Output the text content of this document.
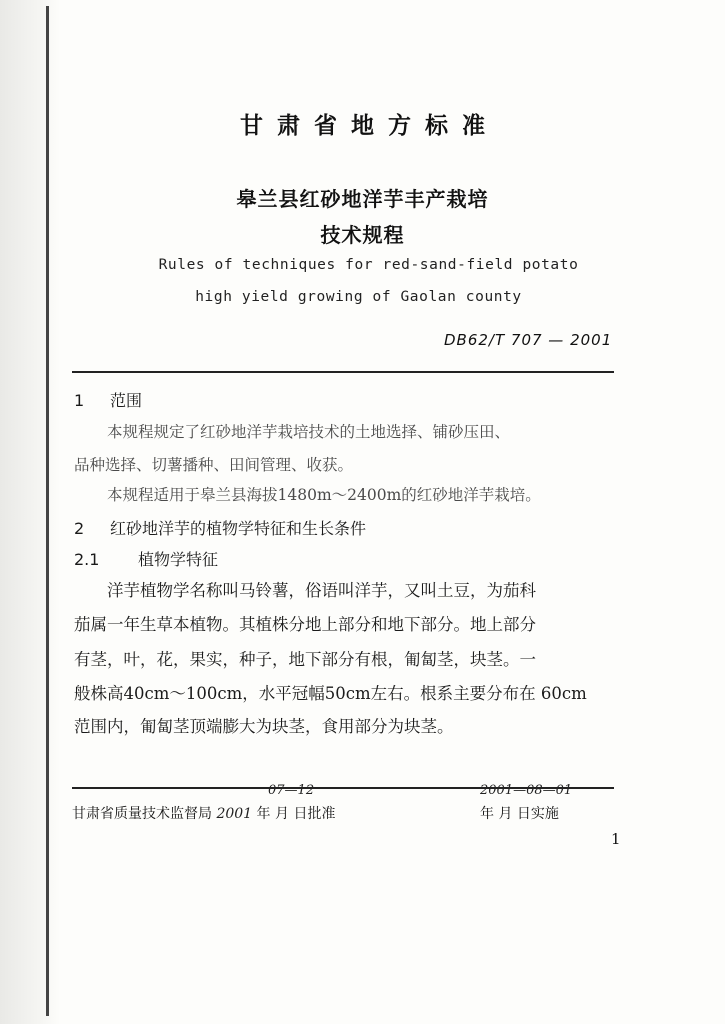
甘肃省地方标准
皋兰县红砂地洋芋丰产栽培
技术规程
Rules of techniques for red-sand-field potato
high yield growing of Gaolan county
DB62/T 707 — 2001
1 范围
本规程规定了红砂地洋芋栽培技术的土地选择、铺砂压田、
品种选择、切薯播种、田间管理、收获。
本规程适用于皋兰县海拔1480m～2400m的红砂地洋芋栽培。
2 红砂地洋芋的植物学特征和生长条件
2.1 植物学特征
洋芋植物学名称叫马铃薯，俗语叫洋芋，又叫土豆，为茄科
茄属一年生草本植物。其植株分地上部分和地下部分。地上部分
有茎，叶，花，果实，种子，地下部分有根，匍匐茎，块茎。一
般株高40cm～100cm，水平冠幅50cm左右。根系主要分布在 60cm
范围内，匍匐茎顶端膨大为块茎，食用部分为块茎。
甘肃省质量技术监督局 2001 年 月 日批准
07—12	2001—08—01
年 月 日实施
1
